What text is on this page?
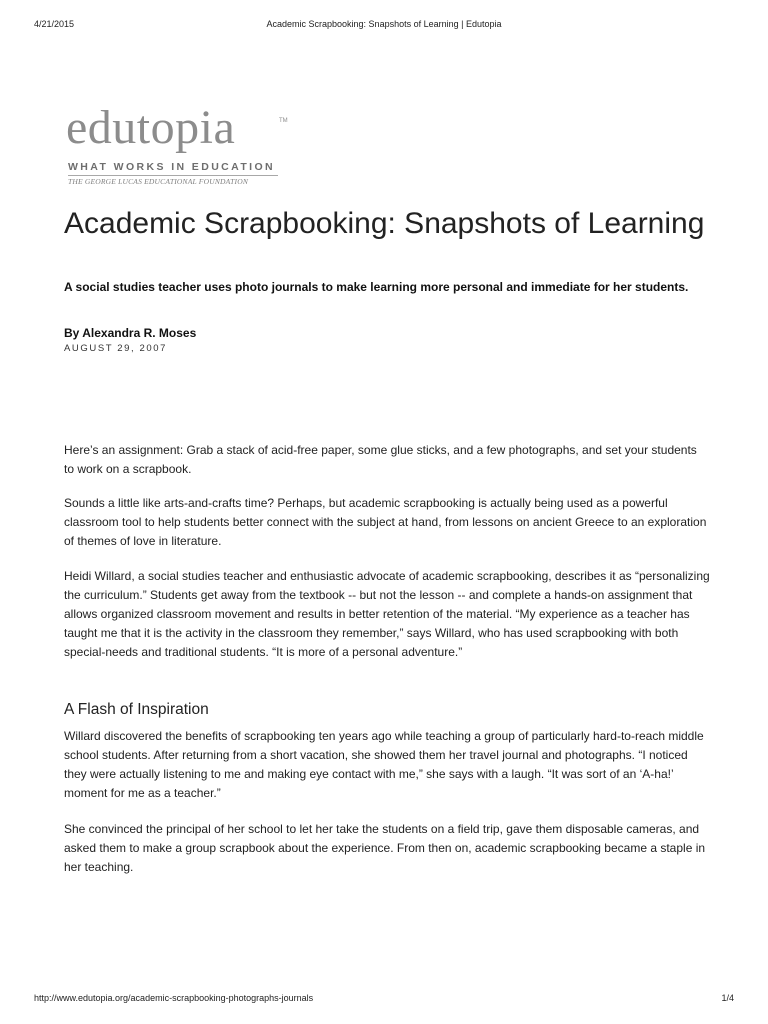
4/21/2015	Academic Scrapbooking: Snapshots of Learning | Edutopia
edutopia	TM
WHAT WORKS IN EDUCATION
THE GEORGE LUCAS EDUCATIONAL FOUNDATION
Academic Scrapbooking: Snapshots of Learning

A social studies teacher uses photo journals to make learning more personal and immediate for her students.

By Alexandra R. Moses

AUGUST 29, 2007

Here’s an assignment: Grab a stack of acid-free paper, some glue sticks, and a few photographs, and set your students to work on a scrapbook.

Sounds a little like arts-and-crafts time? Perhaps, but academic scrapbooking is actually being used as a powerful classroom tool to help students better connect with the subject at hand, from lessons on ancient Greece to an exploration of themes of love in literature.

Heidi Willard, a social studies teacher and enthusiastic advocate of academic scrapbooking, describes it as “personalizing the curriculum.” Students get away from the textbook -- but not the lesson -- and complete a hands-on assignment that allows organized classroom movement and results in better retention of the material. “My experience as a teacher has taught me that it is the activity in the classroom they remember,” says Willard, who has used scrapbooking with both special-needs and traditional students. “It is more of a personal adventure.”

A Flash of Inspiration

Willard discovered the benefits of scrapbooking ten years ago while teaching a group of particularly hard-to-reach middle school students. After returning from a short vacation, she showed them her travel journal and photographs. “I noticed they were actually listening to me and making eye contact with me,” she says with a laugh. “It was sort of an ‘A-ha!’ moment for me as a teacher.”

She convinced the principal of her school to let her take the students on a field trip, gave them disposable cameras, and asked them to make a group scrapbook about the experience. From then on, academic scrapbooking became a staple in her teaching.

http://www.edutopia.org/academic-scrapbooking-photographs-journals	1/4
